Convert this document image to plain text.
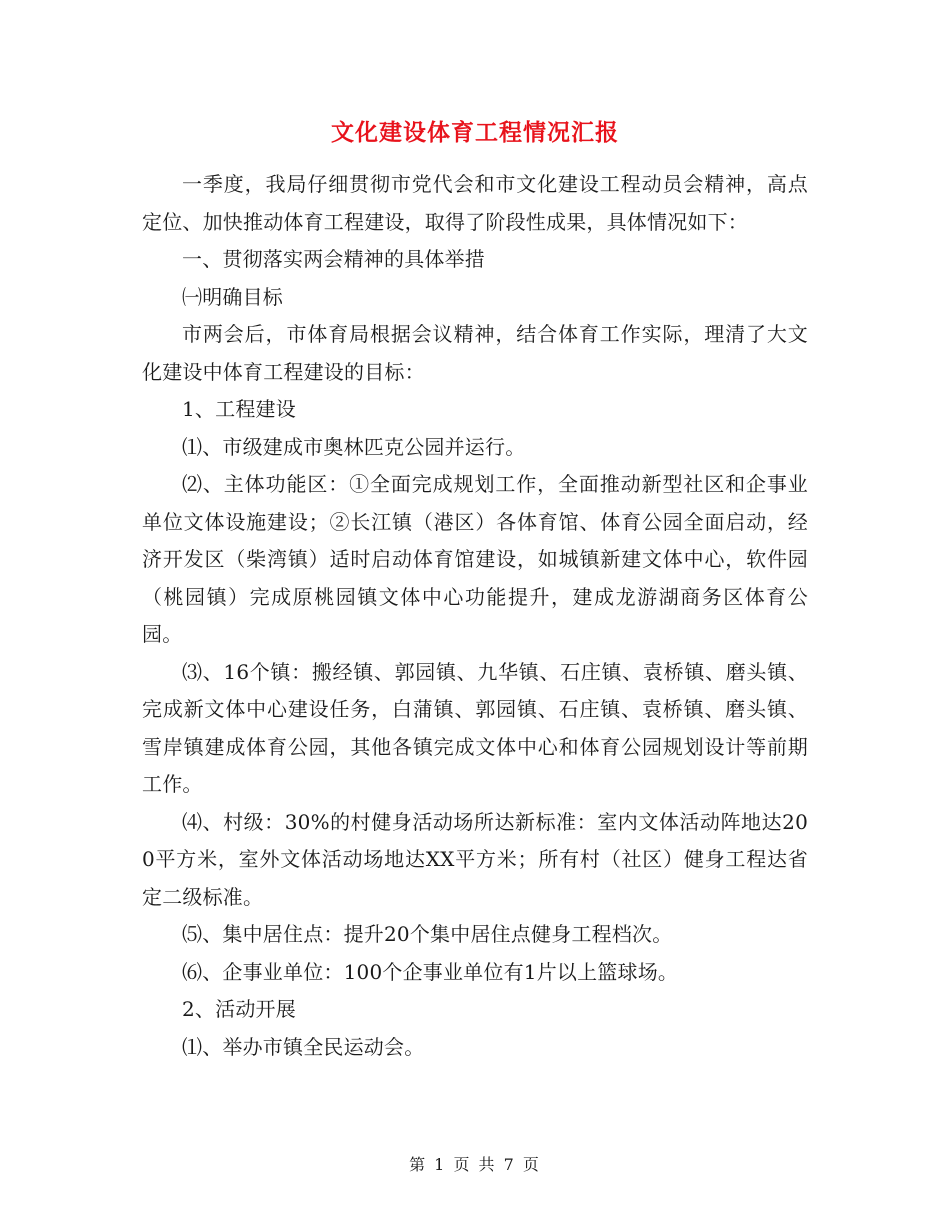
文化建设体育工程情况汇报

一季度，我局仔细贯彻市党代会和市文化建设工程动员会精神，高点定位、加快推动体育工程建设，取得了阶段性成果，具体情况如下：

一、贯彻落实两会精神的具体举措

㈠明确目标

市两会后，市体育局根据会议精神，结合体育工作实际，理清了大文化建设中体育工程建设的目标：

1、工程建设

⑴、市级建成市奥林匹克公园并运行。

⑵、主体功能区：①全面完成规划工作，全面推动新型社区和企事业单位文体设施建设；②长江镇（港区）各体育馆、体育公园全面启动，经济开发区（柴湾镇）适时启动体育馆建设，如城镇新建文体中心，软件园（桃园镇）完成原桃园镇文体中心功能提升，建成龙游湖商务区体育公园。

⑶、16个镇：搬经镇、郭园镇、九华镇、石庄镇、袁桥镇、磨头镇、完成新文体中心建设任务，白蒲镇、郭园镇、石庄镇、袁桥镇、磨头镇、雪岸镇建成体育公园，其他各镇完成文体中心和体育公园规划设计等前期工作。

⑷、村级：30%的村健身活动场所达新标准：室内文体活动阵地达200平方米，室外文体活动场地达XX平方米；所有村（社区）健身工程达省定二级标准。

⑸、集中居住点：提升20个集中居住点健身工程档次。

⑹、企事业单位：100个企事业单位有1片以上篮球场。

2、活动开展

⑴、举办市镇全民运动会。

第 1 页 共 7 页
